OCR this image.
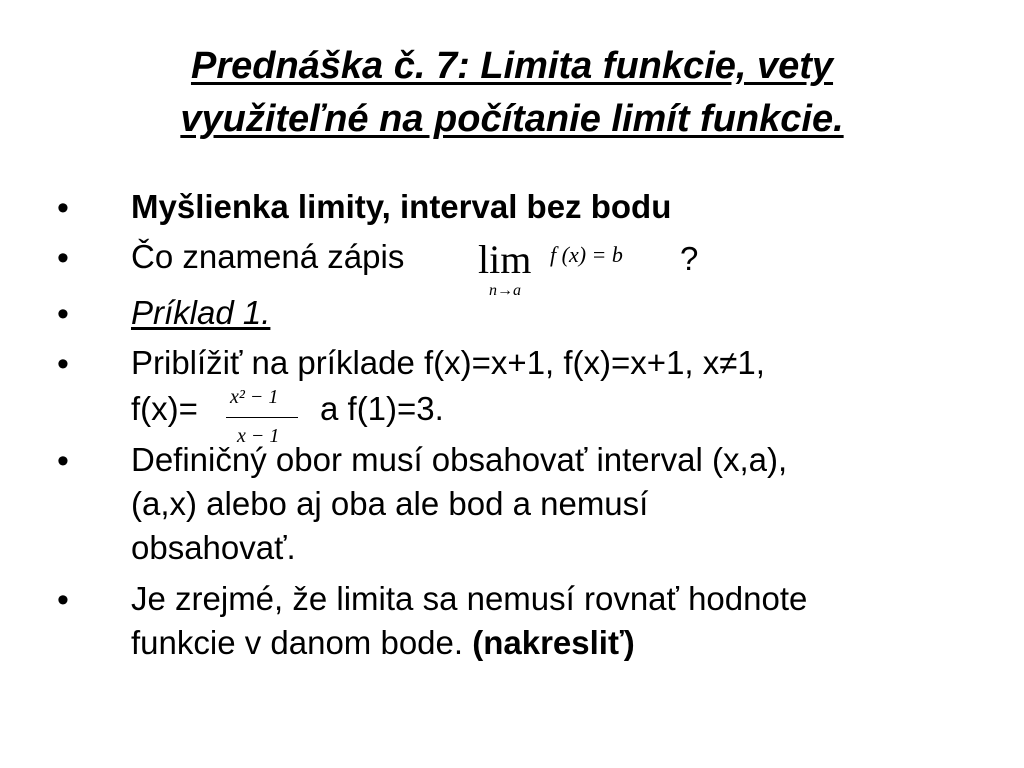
Prednáška č. 7: Limita funkcie, vety
využiteľné na počítanie limít funkcie.
• Myšlienka limity, interval bez bodu
• Čo znamená zápis	lim
n→a
f (x) = b ?
• Príklad 1.
• Priblížiť na príklade f(x)=x+1, f(x)=x+1, x≠1,
f(x)=	x² − 1
x − 1
a f(1)=3.
• Definičný obor musí obsahovať interval (x,a),
(a,x) alebo aj oba ale bod a nemusí
obsahovať.
• Je zrejmé, že limita sa nemusí rovnať hodnote
funkcie v danom bode. (nakresliť)
